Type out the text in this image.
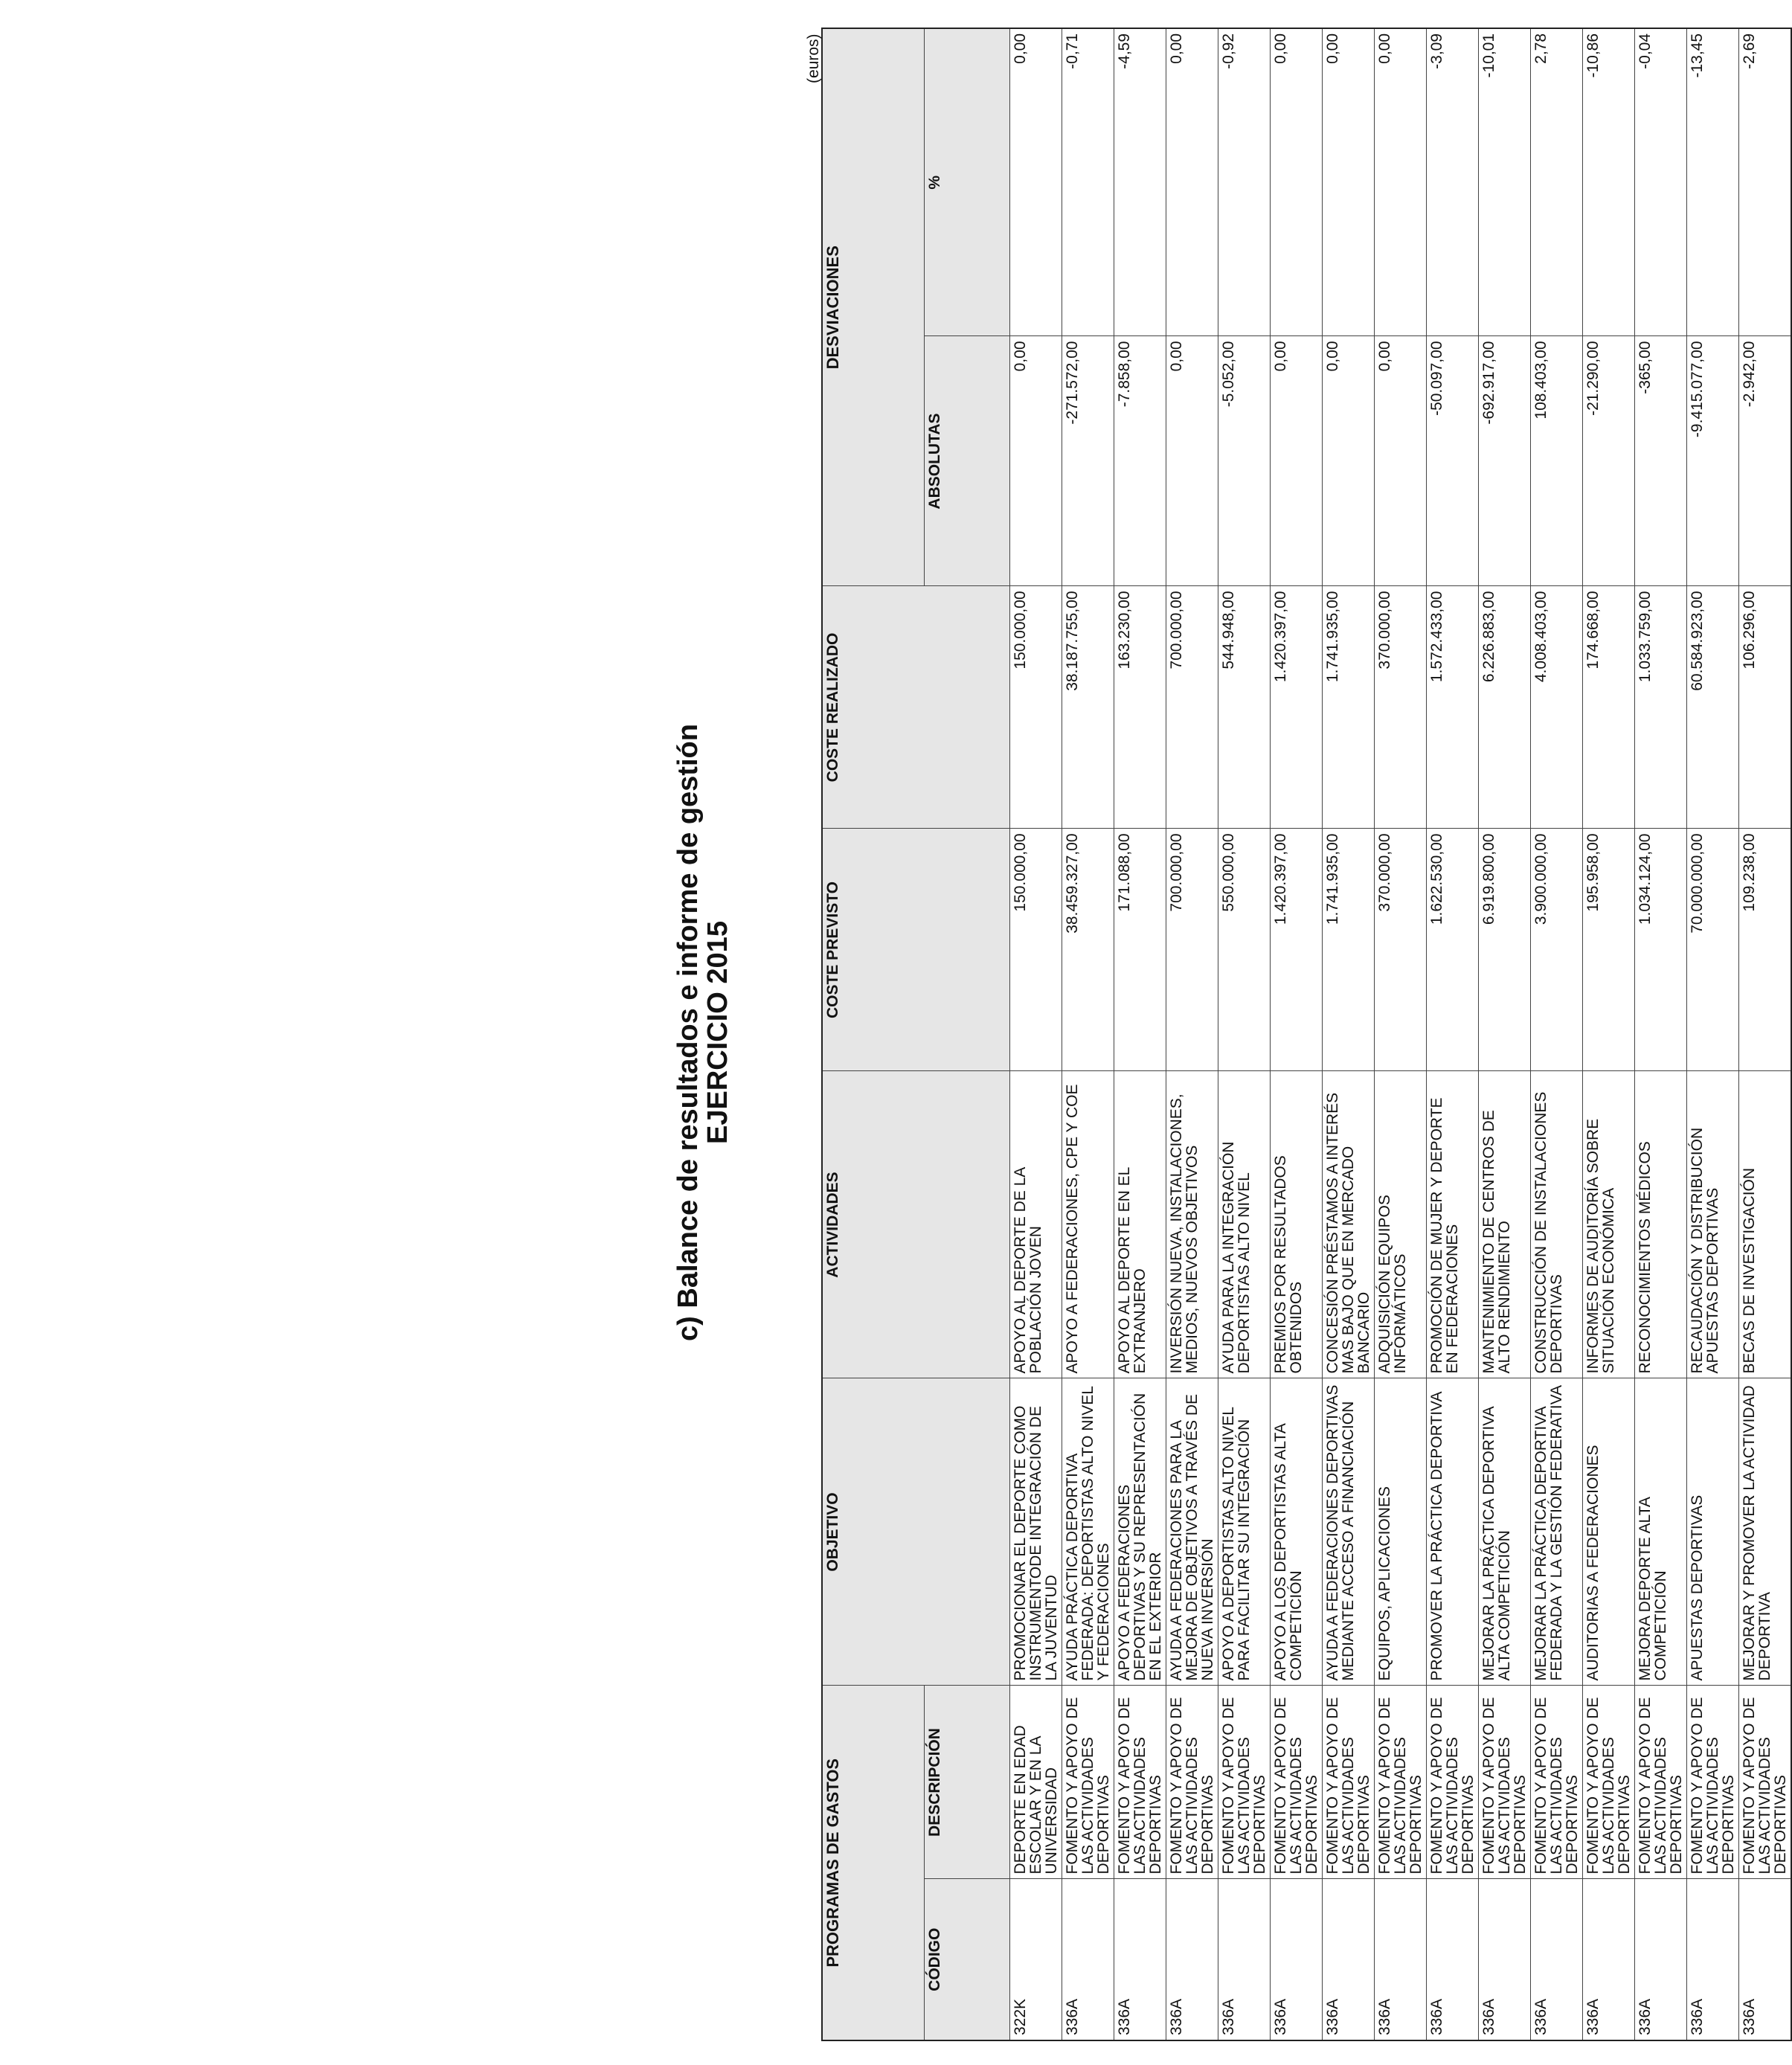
c) Balance de resultados e informe de gestión
EJERCICIO 2015
(euros)
PROGRAMAS DE GASTOS		OBJETIVO	ACTIVIDADES	COSTE PREVISTO	COSTE REALIZADO	DESVIACIONES	
CÓDIGO	DESCRIPCIÓN					ABSOLUTAS	%
322K	DEPORTE EN EDAD ESCOLAR Y EN LA UNIVERSIDAD	PROMOCIONAR EL DEPORTE COMO INSTRUMENTODE INTEGRACIÓN DE LA JUVENTUD	APOYO AL DEPORTE DE LA POBLACIÓN JOVEN	150.000,00	150.000,00	0,00	0,00
336A	FOMENTO Y APOYO DE LAS ACTIVIDADES DEPORTIVAS	AYUDA PRÁCTICA DEPORTIVA FEDERADA: DEPORTISTAS ALTO NIVEL Y FEDERACIONES	APOYO A FEDERACIONES, CPE Y COE	38.459.327,00	38.187.755,00	-271.572,00	-0,71
336A	FOMENTO Y APOYO DE LAS ACTIVIDADES DEPORTIVAS	APOYO A FEDERACIONES DEPORTIVAS Y SU REPRESENTACIÓN EN EL EXTERIOR	APOYO AL DEPORTE EN EL EXTRANJERO	171.088,00	163.230,00	-7.858,00	-4,59
336A	FOMENTO Y APOYO DE LAS ACTIVIDADES DEPORTIVAS	AYUDA A FEDERACIONES PARA LA MEJORA DE OBJETIVOS A TRAVÉS DE NUEVA INVERSIÓN	INVERSIÓN NUEVA, INSTALACIONES, MEDIOS, NUEVOS OBJETIVOS	700.000,00	700.000,00	0,00	0,00
336A	FOMENTO Y APOYO DE LAS ACTIVIDADES DEPORTIVAS	APOYO A DEPORTISTAS ALTO NIVEL PARA FACILITAR SU INTEGRACIÓN	AYUDA PARA LA INTEGRACIÓN DEPORTISTAS ALTO NIVEL	550.000,00	544.948,00	-5.052,00	-0,92
336A	FOMENTO Y APOYO DE LAS ACTIVIDADES DEPORTIVAS	APOYO A LOS DEPORTISTAS ALTA COMPETICIÓN	PREMIOS POR RESULTADOS OBTENIDOS	1.420.397,00	1.420.397,00	0,00	0,00
336A	FOMENTO Y APOYO DE LAS ACTIVIDADES DEPORTIVAS	AYUDA A FEDERACIONES DEPORTIVAS MEDIANTE ACCESO A FINANCIACIÓN	CONCESIÓN PRÉSTAMOS A INTERÉS MAS BAJO QUE EN MERCADO BANCARIO	1.741.935,00	1.741.935,00	0,00	0,00
336A	FOMENTO Y APOYO DE LAS ACTIVIDADES DEPORTIVAS	EQUIPOS, APLICACIONES	ADQUISICIÓN EQUIPOS INFORMÁTICOS	370.000,00	370.000,00	0,00	0,00
336A	FOMENTO Y APOYO DE LAS ACTIVIDADES DEPORTIVAS	PROMOVER LA PRÁCTICA DEPORTIVA	PROMOCIÓN DE MUJER Y DEPORTE EN FEDERACIONES	1.622.530,00	1.572.433,00	-50.097,00	-3,09
336A	FOMENTO Y APOYO DE LAS ACTIVIDADES DEPORTIVAS	MEJORAR LA PRÁCTICA DEPORTIVA ALTA COMPETICIÓN	MANTENIMIENTO DE CENTROS DE ALTO RENDIMIENTO	6.919.800,00	6.226.883,00	-692.917,00	-10,01
336A	FOMENTO Y APOYO DE LAS ACTIVIDADES DEPORTIVAS	MEJORAR LA PRÁCTICA DEPORTIVA FEDERADA Y LA GESTIÓN FEDERATIVA	CONSTRUCCIÓN DE INSTALACIONES DEPORTIVAS	3.900.000,00	4.008.403,00	108.403,00	2,78
336A	FOMENTO Y APOYO DE LAS ACTIVIDADES DEPORTIVAS	AUDITORIAS A FEDERACIONES	INFORMES DE AUDITORÍA SOBRE SITUACIÓN ECONÓMICA	195.958,00	174.668,00	-21.290,00	-10,86
336A	FOMENTO Y APOYO DE LAS ACTIVIDADES DEPORTIVAS	MEJORA DEPORTE ALTA COMPETICIÓN	RECONOCIMIENTOS MÉDICOS	1.034.124,00	1.033.759,00	-365,00	-0,04
336A	FOMENTO Y APOYO DE LAS ACTIVIDADES DEPORTIVAS	APUESTAS DEPORTIVAS	RECAUDACIÓN Y DISTRIBUCIÓN APUESTAS DEPORTIVAS	70.000.000,00	60.584.923,00	-9.415.077,00	-13,45
336A	FOMENTO Y APOYO DE LAS ACTIVIDADES DEPORTIVAS	MEJORAR Y PROMOVER LA ACTIVIDAD DEPORTIVA	BECAS DE INVESTIGACIÓN	109.238,00	106.296,00	-2.942,00	-2,69
